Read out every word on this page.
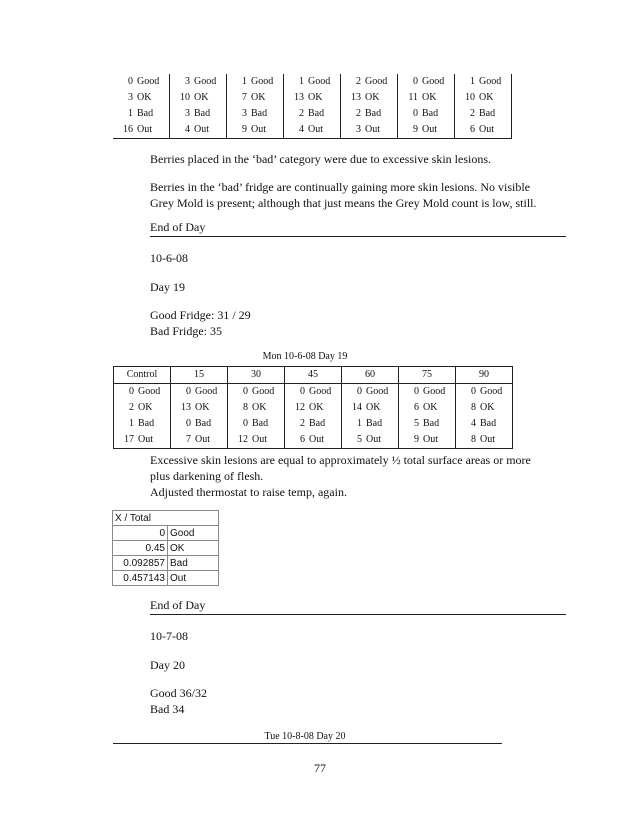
0	Good	3	Good	1	Good	1	Good	2	Good	0	Good	1	Good
3	OK	10	OK	7	OK	13	OK	13	OK	11	OK	10	OK
1	Bad	3	Bad	3	Bad	2	Bad	2	Bad	0	Bad	2	Bad
16	Out	4	Out	9	Out	4	Out	3	Out	9	Out	6	Out
Berries placed in the ‘bad’ category were due to excessive skin lesions.
Berries in the ‘bad’ fridge are continually gaining more skin lesions. No visible
Grey Mold is present; although that just means the Grey Mold count is low, still.
End of Day
10-6-08
Day 19
Good Fridge: 31 / 29
Bad Fridge: 35
Mon 10-6-08 Day 19
Control		15		30		45		60		75		90	
0	Good	0	Good	0	Good	0	Good	0	Good	0	Good	0	Good
2	OK	13	OK	8	OK	12	OK	14	OK	6	OK	8	OK
1	Bad	0	Bad	0	Bad	2	Bad	1	Bad	5	Bad	4	Bad
17	Out	7	Out	12	Out	6	Out	5	Out	9	Out	8	Out
Excessive skin lesions are equal to approximately ½ total surface areas or more
plus darkening of flesh.
Adjusted thermostat to raise temp, again.
X / Total	
0	Good
0.45	OK
0.092857	Bad
0.457143	Out
End of Day
10-7-08
Day 20
Good 36/32
Bad 34
Tue 10-8-08 Day 20
77
